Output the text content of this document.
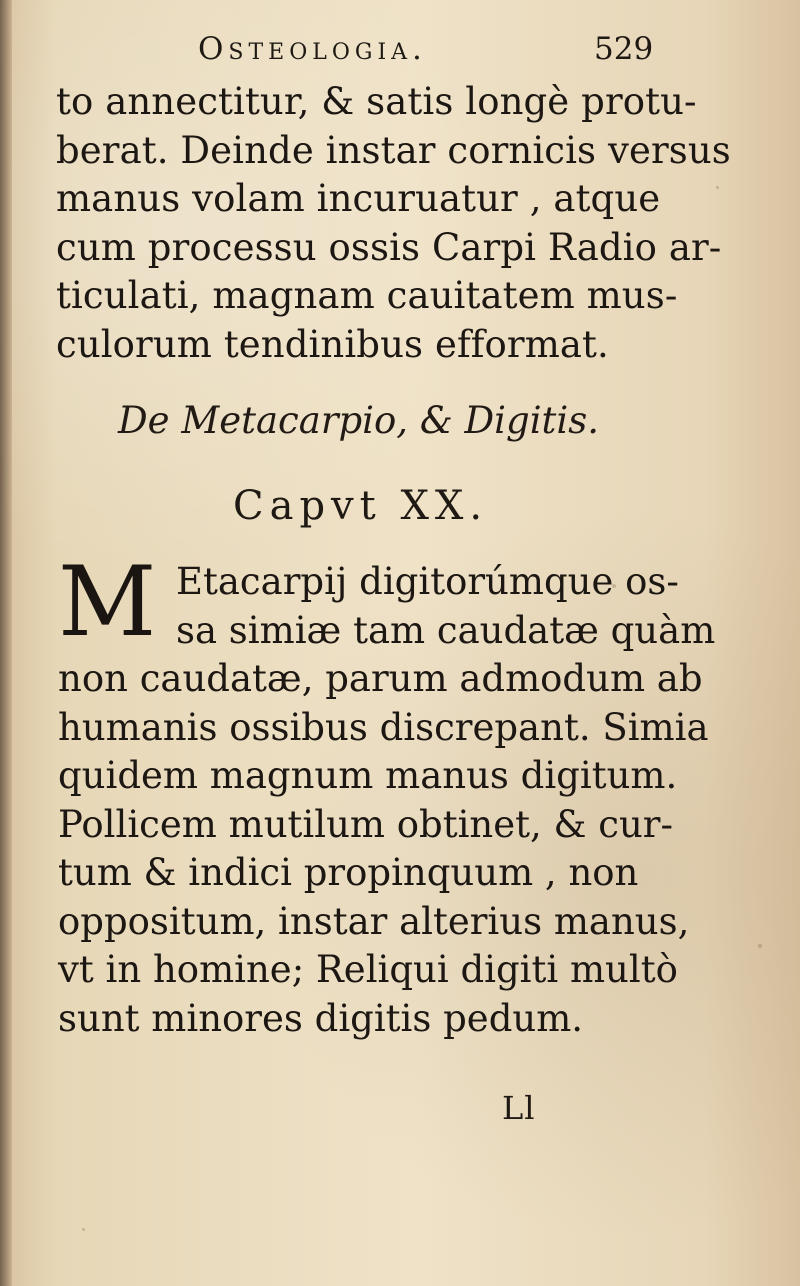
Osteologia.	529
to annectitur, & satis longè protu-
berat. Deinde instar cornicis versus
manus volam incuruatur , atque
cum processu ossis Carpi Radio ar-
ticulati, magnam cauitatem mus-
culorum tendinibus efformat.
De Metacarpio, & Digitis.
Capvt XX.
M Etacarpij digitorúmque os-
sa simiæ tam caudatæ quàm
non caudatæ, parum admodum ab
humanis ossibus discrepant. Simia
quidem magnum manus digitum.
Pollicem mutilum obtinet, & cur-
tum & indici propinquum , non
oppositum, instar alterius manus,
vt in homine; Reliqui digiti multò
sunt minores digitis pedum.
Ll
